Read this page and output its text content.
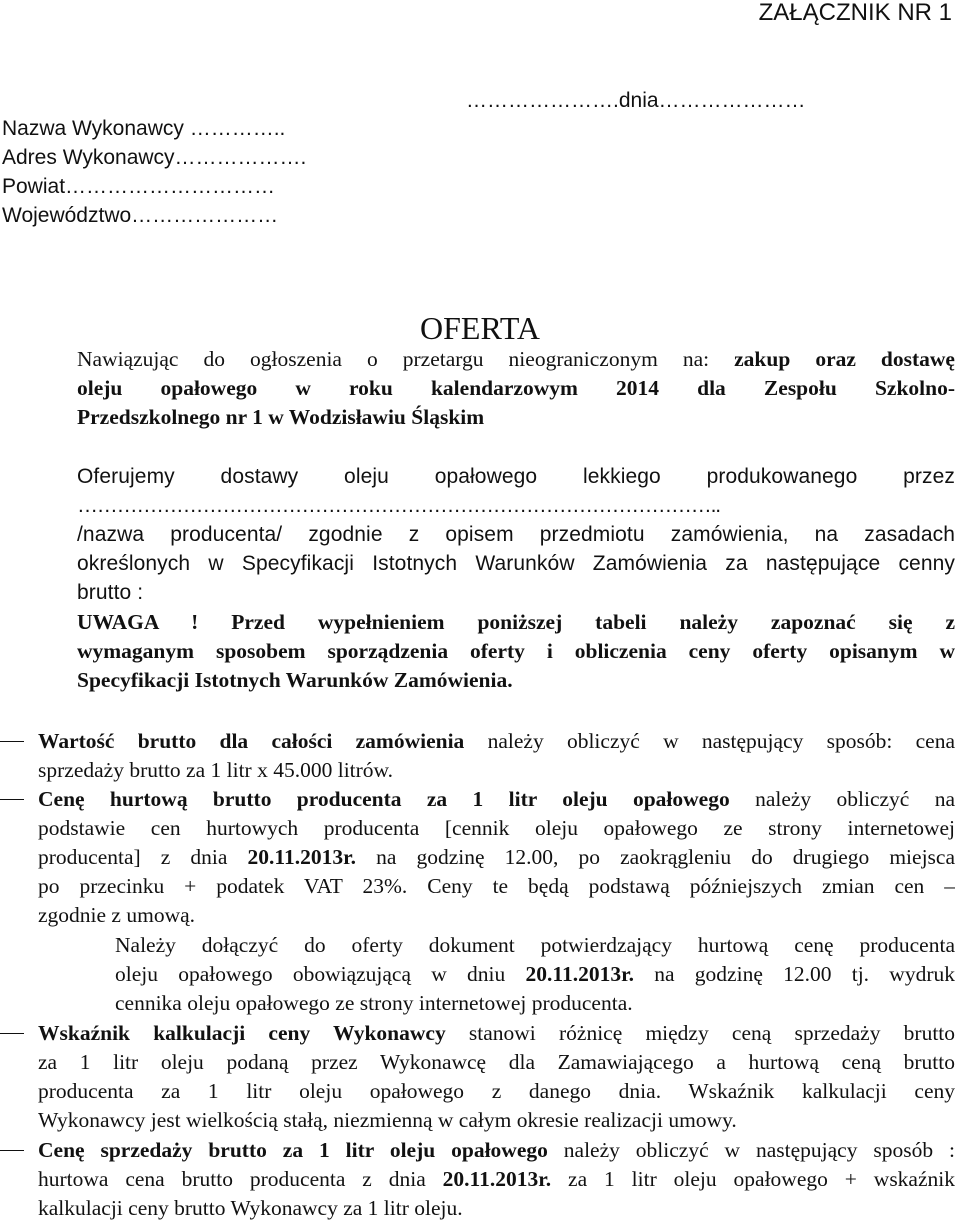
ZAŁĄCZNIK NR 1
………………….dnia…………………
Nazwa Wykonawcy …………..
Adres Wykonawcy……………….
Powiat…………………………
Województwo…………………
OFERTA
Nawiązując do ogłoszenia o przetargu nieograniczonym na: zakup oraz dostawę
oleju opałowego w roku kalendarzowym 2014 dla Zespołu Szkolno-
Przedszkolnego nr 1 w Wodzisławiu Śląskim
Oferujemy dostawy oleju opałowego lekkiego produkowanego przez
……………………………………………………………………………………..
/nazwa producenta/ zgodnie z opisem przedmiotu zamówienia, na zasadach
określonych w Specyfikacji Istotnych Warunków Zamówienia za następujące cenny
brutto :
UWAGA ! Przed wypełnieniem poniższej tabeli należy zapoznać się z
wymaganym sposobem sporządzenia oferty i obliczenia ceny oferty opisanym w
Specyfikacji Istotnych Warunków Zamówienia.
Wartość brutto dla całości zamówienia należy obliczyć w następujący sposób: cena
sprzedaży brutto za 1 litr x 45.000 litrów.
Cenę hurtową brutto producenta za 1 litr oleju opałowego należy obliczyć na
podstawie cen hurtowych producenta [cennik oleju opałowego ze strony internetowej
producenta] z dnia 20.11.2013r. na godzinę 12.00, po zaokrągleniu do drugiego miejsca
po przecinku + podatek VAT 23%. Ceny te będą podstawą późniejszych zmian cen –
zgodnie z umową.
Należy dołączyć do oferty dokument potwierdzający hurtową cenę producenta
oleju opałowego obowiązującą w dniu 20.11.2013r. na godzinę 12.00 tj. wydruk
cennika oleju opałowego ze strony internetowej producenta.
Wskaźnik kalkulacji ceny Wykonawcy stanowi różnicę między ceną sprzedaży brutto
za 1 litr oleju podaną przez Wykonawcę dla Zamawiającego a hurtową ceną brutto
producenta za 1 litr oleju opałowego z danego dnia. Wskaźnik kalkulacji ceny
Wykonawcy jest wielkością stałą, niezmienną w całym okresie realizacji umowy.
Cenę sprzedaży brutto za 1 litr oleju opałowego należy obliczyć w następujący sposób :
hurtowa cena brutto producenta z dnia 20.11.2013r. za 1 litr oleju opałowego + wskaźnik
kalkulacji ceny brutto Wykonawcy za 1 litr oleju.
